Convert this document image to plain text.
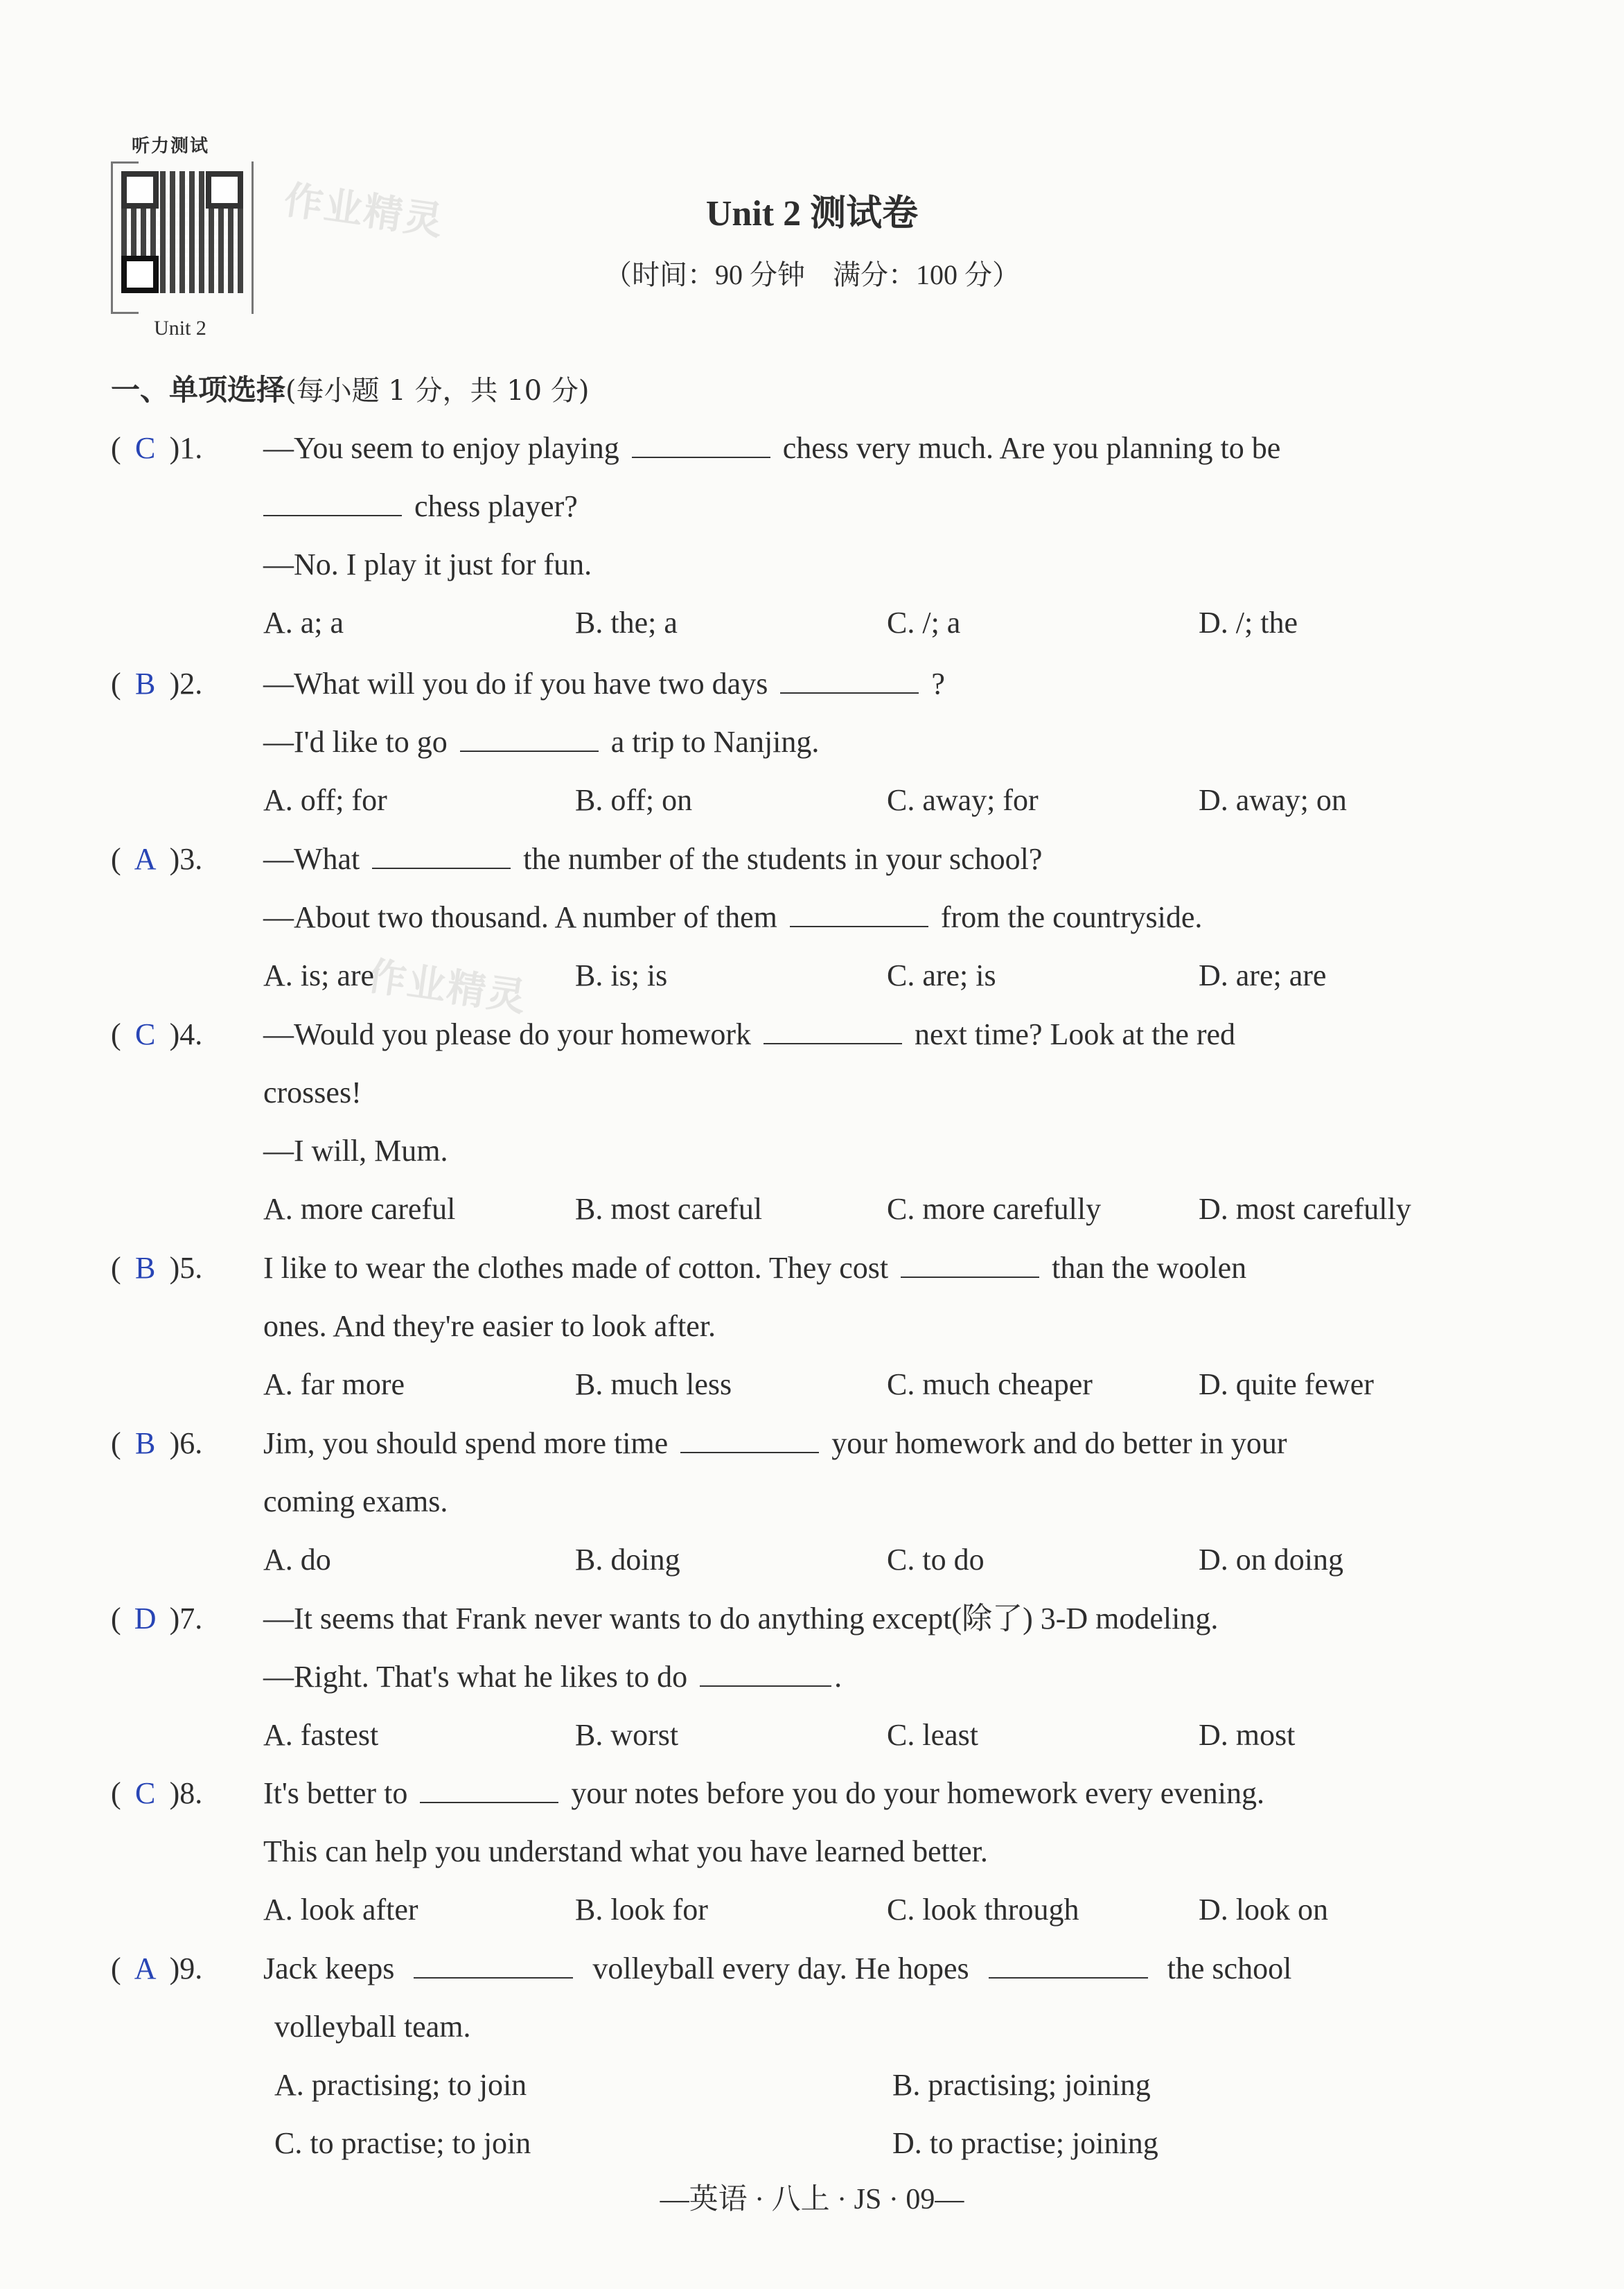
听力测试
Unit 2
作业精灵
作业精灵
Unit 2 测试卷
（时间：90 分钟　满分：100 分）
一、单项选择(每小题 1 分，共 10 分)
( C )1. —You seem to enjoy playing	chess very much. Are you planning to be
chess player?
—No. I play it just for fun.
A. a; a	B. the; a	C. /; a	D. /; the
( B )2. —What will you do if you have two days	?
—I'd like to go	a trip to Nanjing.
A. off; for	B. off; on	C. away; for	D. away; on
( A )3. —What	the number of the students in your school?
—About two thousand. A number of them	from the countryside.
A. is; are	B. is; is	C. are; is	D. are; are
( C )4. —Would you please do your homework	next time? Look at the red
crosses!
—I will, Mum.
A. more careful	B. most careful	C. more carefully	D. most carefully
( B )5. I like to wear the clothes made of cotton. They cost	than the woolen
ones. And they're easier to look after.
A. far more	B. much less	C. much cheaper	D. quite fewer
( B )6. Jim, you should spend more time	your homework and do better in your
coming exams.
A. do	B. doing	C. to do	D. on doing
( D )7. —It seems that Frank never wants to do anything except(除了) 3-D modeling.
—Right. That's what he likes to do	.
A. fastest	B. worst	C. least	D. most
( C )8. It's better to	your notes before you do your homework every evening.
This can help you understand what you have learned better.
A. look after	B. look for	C. look through	D. look on
( A )9. Jack keeps	volleyball every day. He hopes	the school
volleyball team.
A. practising; to join	B. practising; joining
C. to practise; to join	D. to practise; joining
—英语 · 八上 · JS · 09—
